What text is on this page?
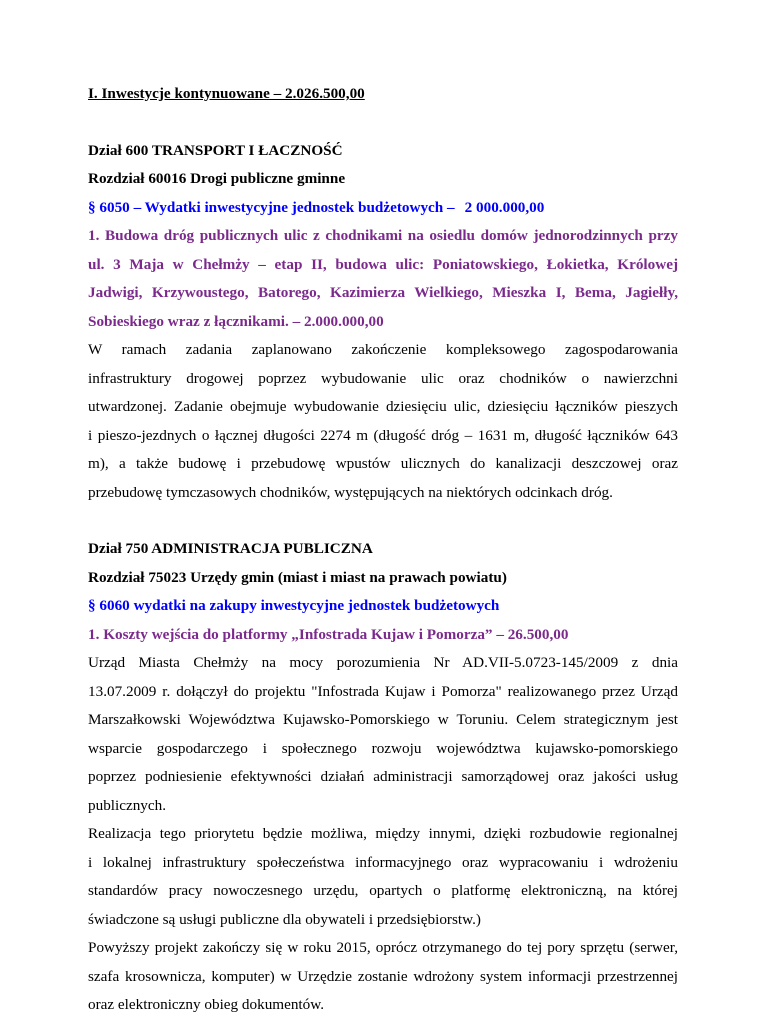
I. Inwestycje kontynuowane – 2.026.500,00
Dział 600 TRANSPORT I ŁACZNOŚĆ
Rozdział 60016 Drogi publiczne gminne
§ 6050 – Wydatki inwestycyjne jednostek budżetowych – 2 000.000,00
1. Budowa dróg publicznych ulic z chodnikami na osiedlu domów jednorodzinnych przy
ul. 3 Maja w Chełmży – etap II, budowa ulic: Poniatowskiego, Łokietka, Królowej
Jadwigi, Krzywoustego, Batorego, Kazimierza Wielkiego, Mieszka I, Bema, Jagiełły,
Sobieskiego wraz z łącznikami. – 2.000.000,00
W ramach zadania zaplanowano zakończenie kompleksowego zagospodarowania
infrastruktury drogowej poprzez wybudowanie ulic oraz chodników o nawierzchni
utwardzonej. Zadanie obejmuje wybudowanie dziesięciu ulic, dziesięciu łączników pieszych
i pieszo-jezdnych o łącznej długości 2274 m (długość dróg – 1631 m, długość łączników 643
m), a także budowę i przebudowę wpustów ulicznych do kanalizacji deszczowej oraz
przebudowę tymczasowych chodników, występujących na niektórych odcinkach dróg.
Dział 750 ADMINISTRACJA PUBLICZNA
Rozdział 75023 Urzędy gmin (miast i miast na prawach powiatu)
§ 6060 wydatki na zakupy inwestycyjne jednostek budżetowych
1. Koszty wejścia do platformy „Infostrada Kujaw i Pomorza” – 26.500,00
Urząd Miasta Chełmży na mocy porozumienia Nr AD.VII-5.0723-145/2009 z dnia
13.07.2009 r. dołączył do projektu "Infostrada Kujaw i Pomorza" realizowanego przez Urząd
Marszałkowski Województwa Kujawsko-Pomorskiego w Toruniu. Celem strategicznym jest
wsparcie gospodarczego i społecznego rozwoju województwa kujawsko-pomorskiego
poprzez podniesienie efektywności działań administracji samorządowej oraz jakości usług
publicznych.
Realizacja tego priorytetu będzie możliwa, między innymi, dzięki rozbudowie regionalnej
i lokalnej infrastruktury społeczeństwa informacyjnego oraz wypracowaniu i wdrożeniu
standardów pracy nowoczesnego urzędu, opartych o platformę elektroniczną, na której
świadczone są usługi publiczne dla obywateli i przedsiębiorstw.)
Powyższy projekt zakończy się w roku 2015, oprócz otrzymanego do tej pory sprzętu (serwer,
szafa krosownicza, komputer) w Urzędzie zostanie wdrożony system informacji przestrzennej
oraz elektroniczny obieg dokumentów.
